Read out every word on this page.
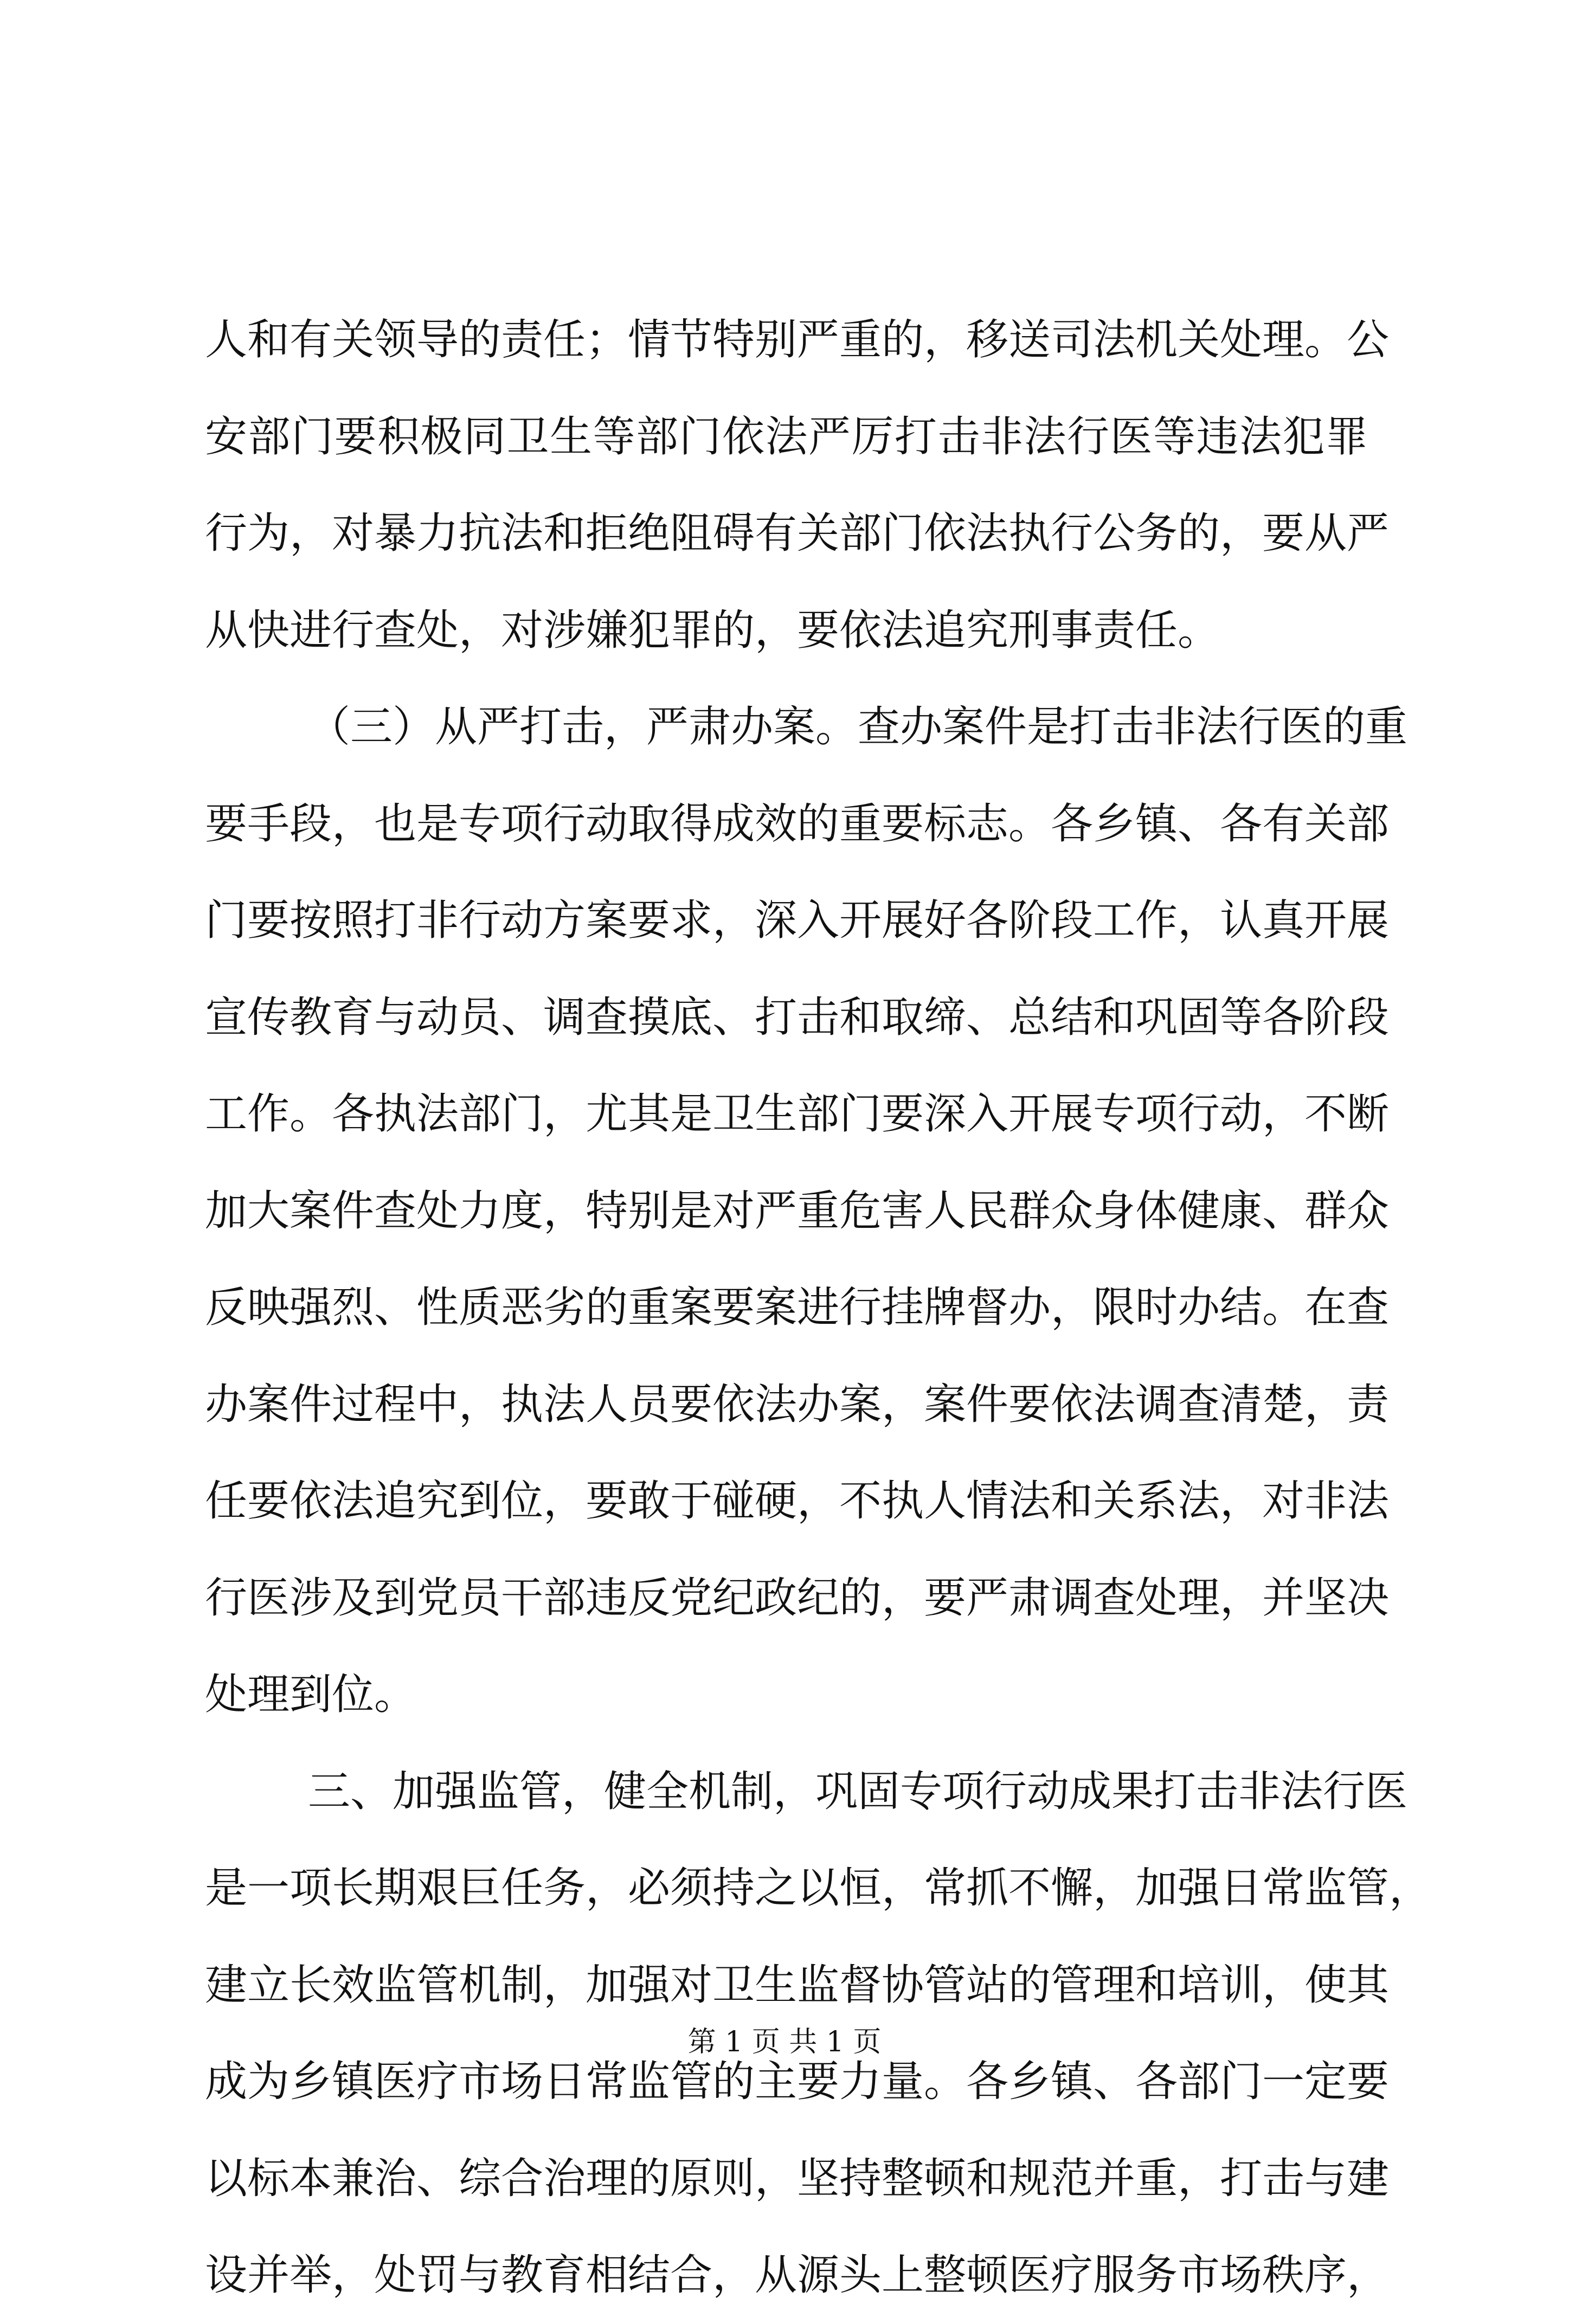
人和有关领导的责任；情节特别严重的，移送司法机关处理。公
安部门要积极同卫生等部门依法严厉打击非法行医等违法犯罪
行为，对暴力抗法和拒绝阻碍有关部门依法执行公务的，要从严
从快进行查处，对涉嫌犯罪的，要依法追究刑事责任。
（三）从严打击，严肃办案。查办案件是打击非法行医的重
要手段，也是专项行动取得成效的重要标志。各乡镇、各有关部
门要按照打非行动方案要求，深入开展好各阶段工作，认真开展
宣传教育与动员、调查摸底、打击和取缔、总结和巩固等各阶段
工作。各执法部门，尤其是卫生部门要深入开展专项行动，不断
加大案件查处力度，特别是对严重危害人民群众身体健康、群众
反映强烈、性质恶劣的重案要案进行挂牌督办，限时办结。在查
办案件过程中，执法人员要依法办案，案件要依法调查清楚，责
任要依法追究到位，要敢于碰硬，不执人情法和关系法，对非法
行医涉及到党员干部违反党纪政纪的，要严肃调查处理，并坚决
处理到位。
三、加强监管，健全机制，巩固专项行动成果打击非法行医
是一项长期艰巨任务，必须持之以恒，常抓不懈，加强日常监管，
建立长效监管机制，加强对卫生监督协管站的管理和培训，使其
成为乡镇医疗市场日常监管的主要力量。各乡镇、各部门一定要
以标本兼治、综合治理的原则，坚持整顿和规范并重，打击与建
设并举，处罚与教育相结合，从源头上整顿医疗服务市场秩序，
第 1 页 共 1 页
